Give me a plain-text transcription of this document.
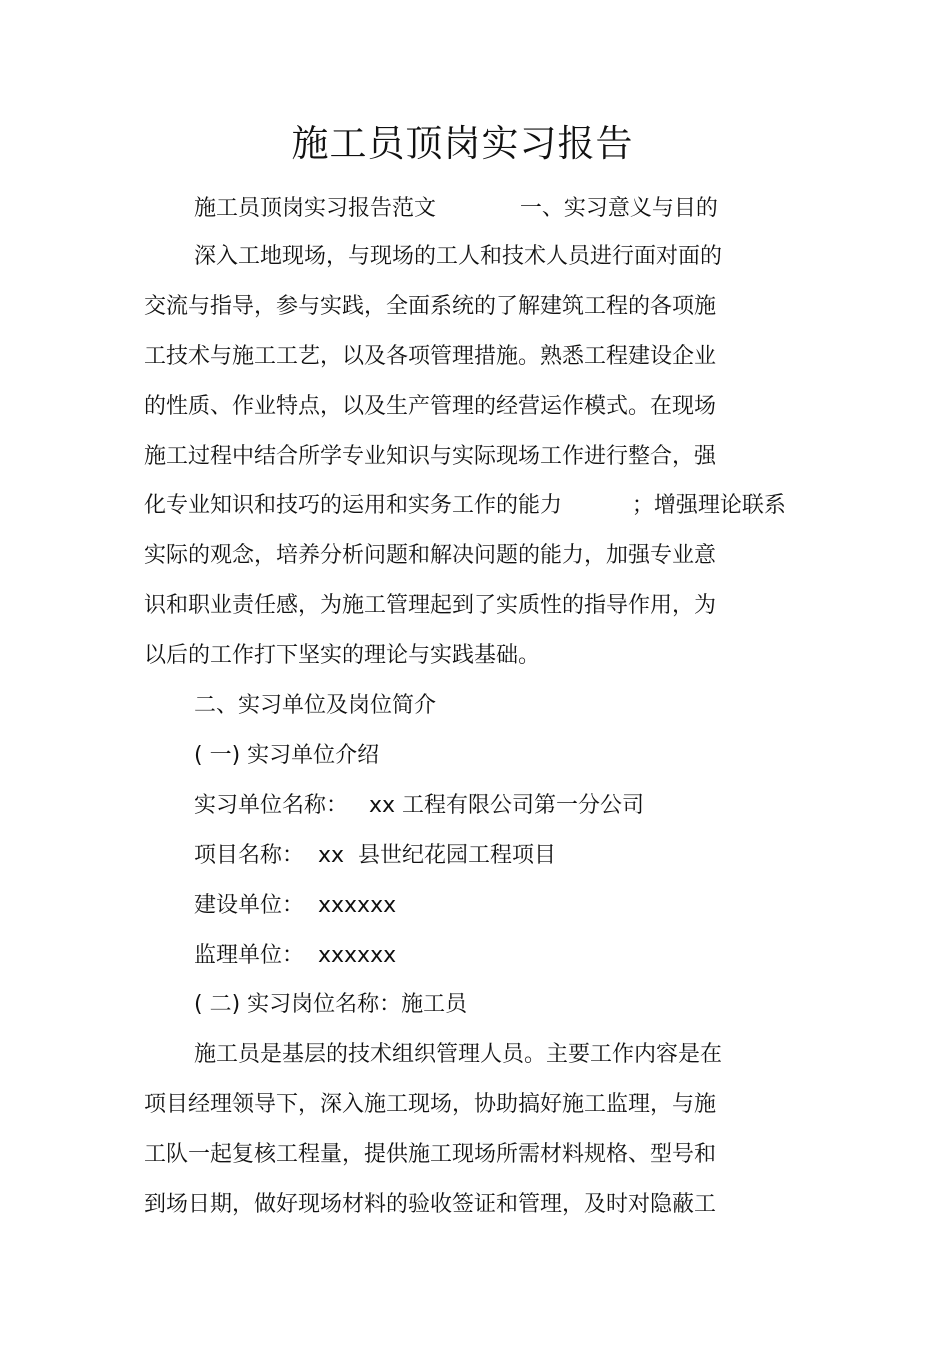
施工员顶岗实习报告
施工员顶岗实习报告范文            一、实习意义与目的
深入工地现场，与现场的工人和技术人员进行面对面的
交流与指导，参与实践，全面系统的了解建筑工程的各项施
工技术与施工工艺，以及各项管理措施。熟悉工程建设企业
的性质、作业特点，以及生产管理的经营运作模式。在现场
施工过程中结合所学专业知识与实际现场工作进行整合，强
化专业知识和技巧的运用和实务工作的能力          ；增强理论联系
实际的观念，培养分析问题和解决问题的能力，加强专业意
识和职业责任感，为施工管理起到了实质性的指导作用，为
以后的工作打下坚实的理论与实践基础。
二、实习单位及岗位简介
( 一) 实习单位介绍
实习单位名称：   xx 工程有限公司第一分公司
项目名称：  xx  县世纪花园工程项目
建设单位：  xxxxxx
监理单位：  xxxxxx
( 二) 实习岗位名称：施工员
施工员是基层的技术组织管理人员。主要工作内容是在
项目经理领导下，深入施工现场，协助搞好施工监理，与施
工队一起复核工程量，提供施工现场所需材料规格、型号和
到场日期，做好现场材料的验收签证和管理，及时对隐蔽工
